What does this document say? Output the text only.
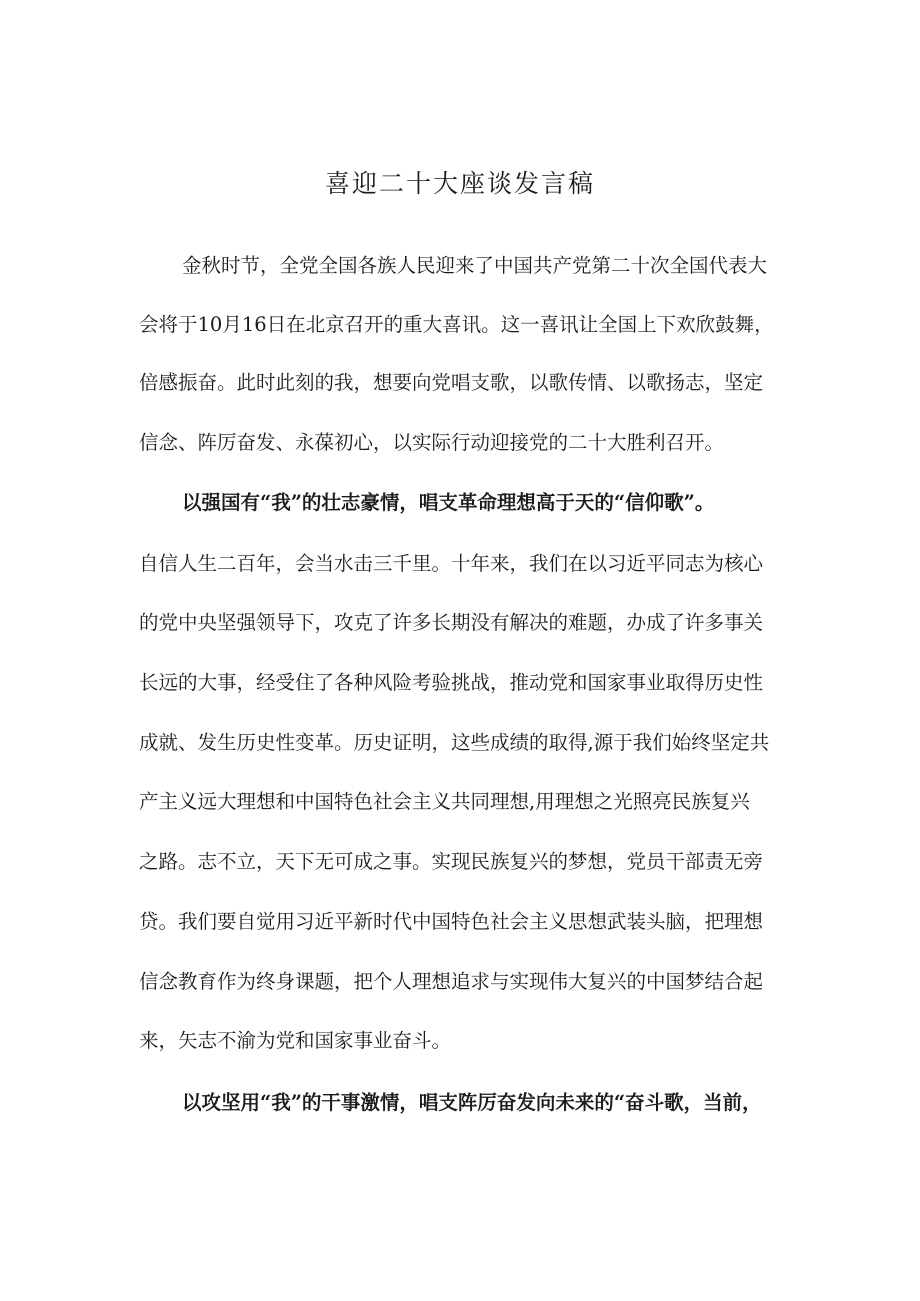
喜迎二十大座谈发言稿

金秋时节，全党全国各族人民迎来了中国共产党第二十次全国代表大

会将于10月16日在北京召开的重大喜讯。这一喜讯让全国上下欢欣鼓舞，

倍感振奋。此时此刻的我，想要向党唱支歌，以歌传情、以歌扬志，坚定

信念、阵厉奋发、永葆初心，以实际行动迎接党的二十大胜利召开。

以强国有“我”的壮志豪情，唱支革命理想高于天的“信仰歌”。

自信人生二百年，会当水击三千里。十年来，我们在以习近平同志为核心

的党中央坚强领导下，攻克了许多长期没有解决的难题，办成了许多事关

长远的大事，经受住了各种风险考验挑战，推动党和国家事业取得历史性

成就、发生历史性变革。历史证明，这些成绩的取得,源于我们始终坚定共

产主义远大理想和中国特色社会主义共同理想,用理想之光照亮民族复兴

之路。志不立，天下无可成之事。实现民族复兴的梦想，党员干部责无旁

贷。我们要自觉用习近平新时代中国特色社会主义思想武装头脑，把理想

信念教育作为终身课题，把个人理想追求与实现伟大复兴的中国梦结合起

来，矢志不渝为党和国家事业奋斗。

以攻坚用“我”的干事激情，唱支阵厉奋发向未来的“奋斗歌，当前，
